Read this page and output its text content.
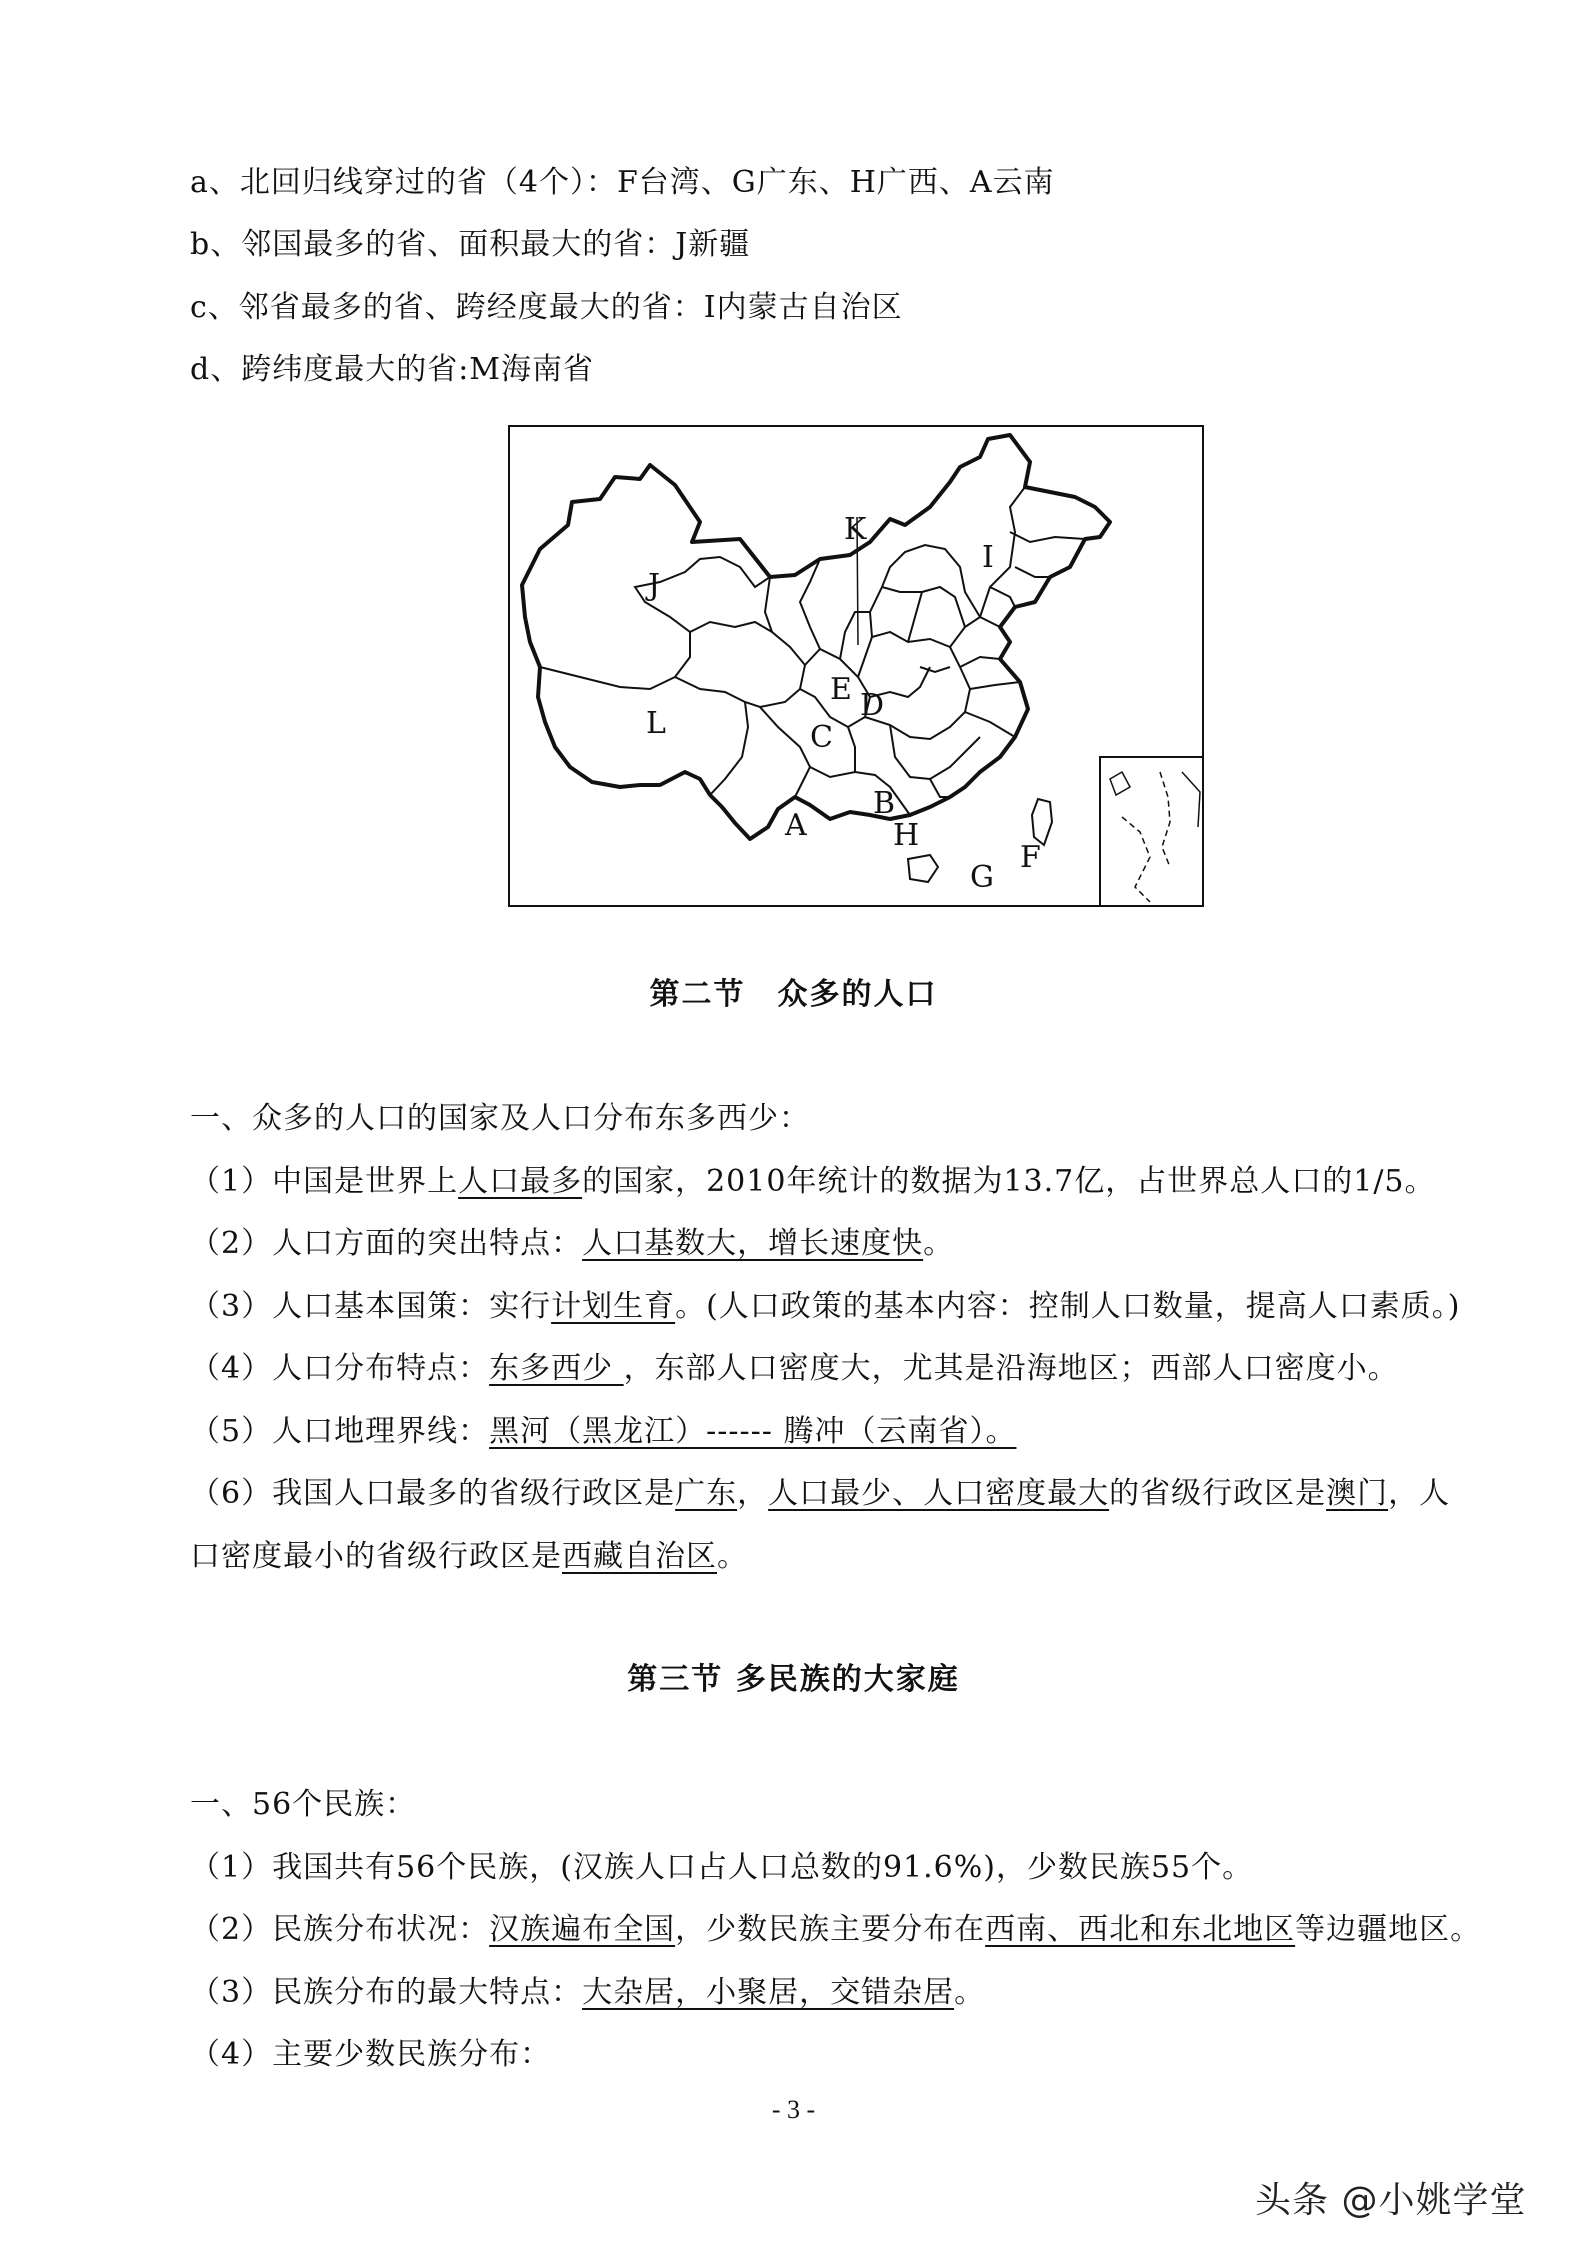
a、北回归线穿过的省（4个）：F台湾、G广东、H广西、A云南
b、邻国最多的省、面积最大的省：J新疆
c、邻省最多的省、跨经度最大的省：I内蒙古自治区
d、跨纬度最大的省:M海南省
J
K
I
L
E D
C
B
A	H
G
F
第二节　众多的人口
一、众多的人口的国家及人口分布东多西少：
（1）中国是世界上人口最多的国家，2010年统计的数据为13.7亿，占世界总人口的1/5。
（2）人口方面的突出特点：人口基数大，增长速度快。
（3）人口基本国策：实行计划生育。(人口政策的基本内容：控制人口数量，提高人口素质。)
（4）人口分布特点：东多西少 ，东部人口密度大，尤其是沿海地区；西部人口密度小。
（5）人口地理界线：黑河（黑龙江）------ 腾冲（云南省）。
（6）我国人口最多的省级行政区是广东，人口最少、人口密度最大的省级行政区是澳门，人
口密度最小的省级行政区是西藏自治区。
第三节 多民族的大家庭
一、56个民族：
（1）我国共有56个民族，(汉族人口占人口总数的91.6%)，少数民族55个。
（2）民族分布状况：汉族遍布全国，少数民族主要分布在西南、西北和东北地区等边疆地区。
（3）民族分布的最大特点：大杂居，小聚居，交错杂居。
（4）主要少数民族分布：
- 3 -
头条 @小姚学堂
